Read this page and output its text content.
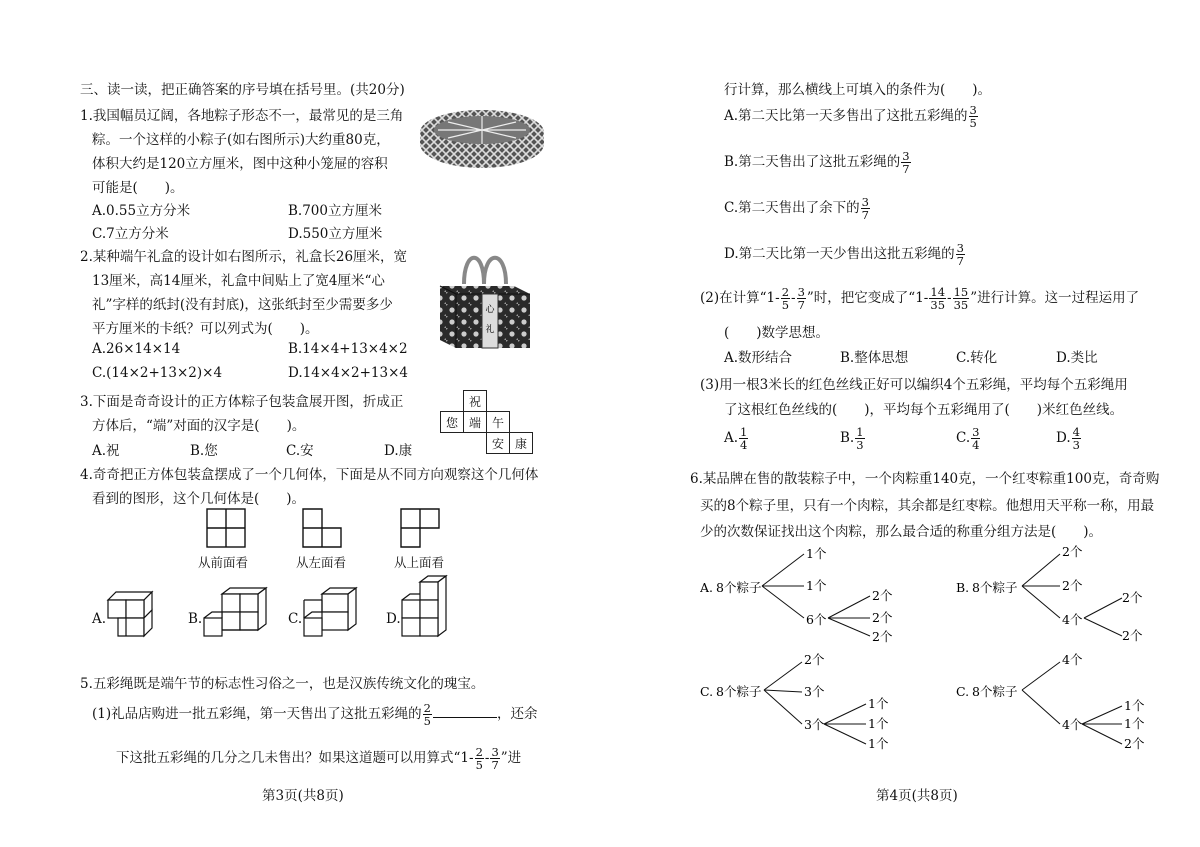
三、读一读，把正确答案的序号填在括号里。(共20分)
1.我国幅员辽阔，各地粽子形态不一，最常见的是三角
粽。一个这样的小粽子(如右图所示)大约重80克，
体积大约是120立方厘米，图中这种小笼屉的容积
可能是(　　)。
A.0.55立方分米	B.700立方厘米
C.7立方分米	D.550立方厘米
2.某种端午礼盒的设计如右图所示，礼盒长26厘米，宽
13厘米，高14厘米，礼盒中间贴上了宽4厘米“心
礼”字样的纸封(没有封底)，这张纸封至少需要多少
平方厘米的卡纸？可以列式为(　　)。
A.26×14×14	B.14×4+13×4×2
C.(14×2+13×2)×4	D.14×4×2+13×4
心
礼
3.下面是奇奇设计的正方体粽子包装盒展开图，折成正
方体后，“端”对面的汉字是(　　)。
A.祝	B.您	C.安	D.康
	祝		
您	端	午	
		安	康
4.奇奇把正方体包装盒摆成了一个几何体，下面是从不同方向观察这个几何体
看到的图形，这个几何体是(　　)。
从前面看	从左面看	从上面看
A.	B.	C.	D.
5.五彩绳既是端午节的标志性习俗之一，也是汉族传统文化的瑰宝。
(1)礼品店购进一批五彩绳，第一天售出了这批五彩绳的 $\frac{2}{5}$	，还余
下这批五彩绳的几分之几未售出？如果这道题可以用算式“$1- \frac{2}{5} - \frac{3}{7}$ ”进
第3页(共8页)
行计算，那么横线上可填入的条件为(　　)。
A.第二天比第一天多售出了这批五彩绳的 $\frac{3}{5}$
B.第二天售出了这批五彩绳的 $\frac{3}{7}$
C.第二天售出了余下的 $\frac{3}{7}$
D.第二天比第一天少售出这批五彩绳的 $\frac{3}{7}$
(2)在计算“$1- \frac{2}{5} - \frac{3}{7}$ ”时，把它变成了“$1- \frac{14}{35} - \frac{15}{35}$ ”进行计算。这一过程运用了
(　　)数学思想。
A.数形结合	B.整体思想	C.转化	D.类比
(3)用一根3米长的红色丝线正好可以编织4个五彩绳，平均每个五彩绳用
了这根红色丝线的(　　)，平均每个五彩绳用了(　　)米红色丝线。
A. $\frac{1}{4}$	B. $\frac{1}{3}$	C. $\frac{3}{4}$	D. $\frac{4}{3}$
6.某品牌在售的散装粽子中，一个肉粽重140克，一个红枣粽重100克，奇奇购
买的8个粽子里，只有一个肉粽，其余都是红枣粽。他想用天平称一称，用最
少的次数保证找出这个肉粽，那么最合适的称重分组方法是(　　)。
A. 8个粽子
1个
1个
6个
2个
2个
2个
B. 8个粽子
2个
2个
4个
2个
2个
C. 8个粽子
2个
3个
3个
1个
1个
1个
C. 8个粽子
4个
4个
1个
1个
2个
第4页(共8页)
